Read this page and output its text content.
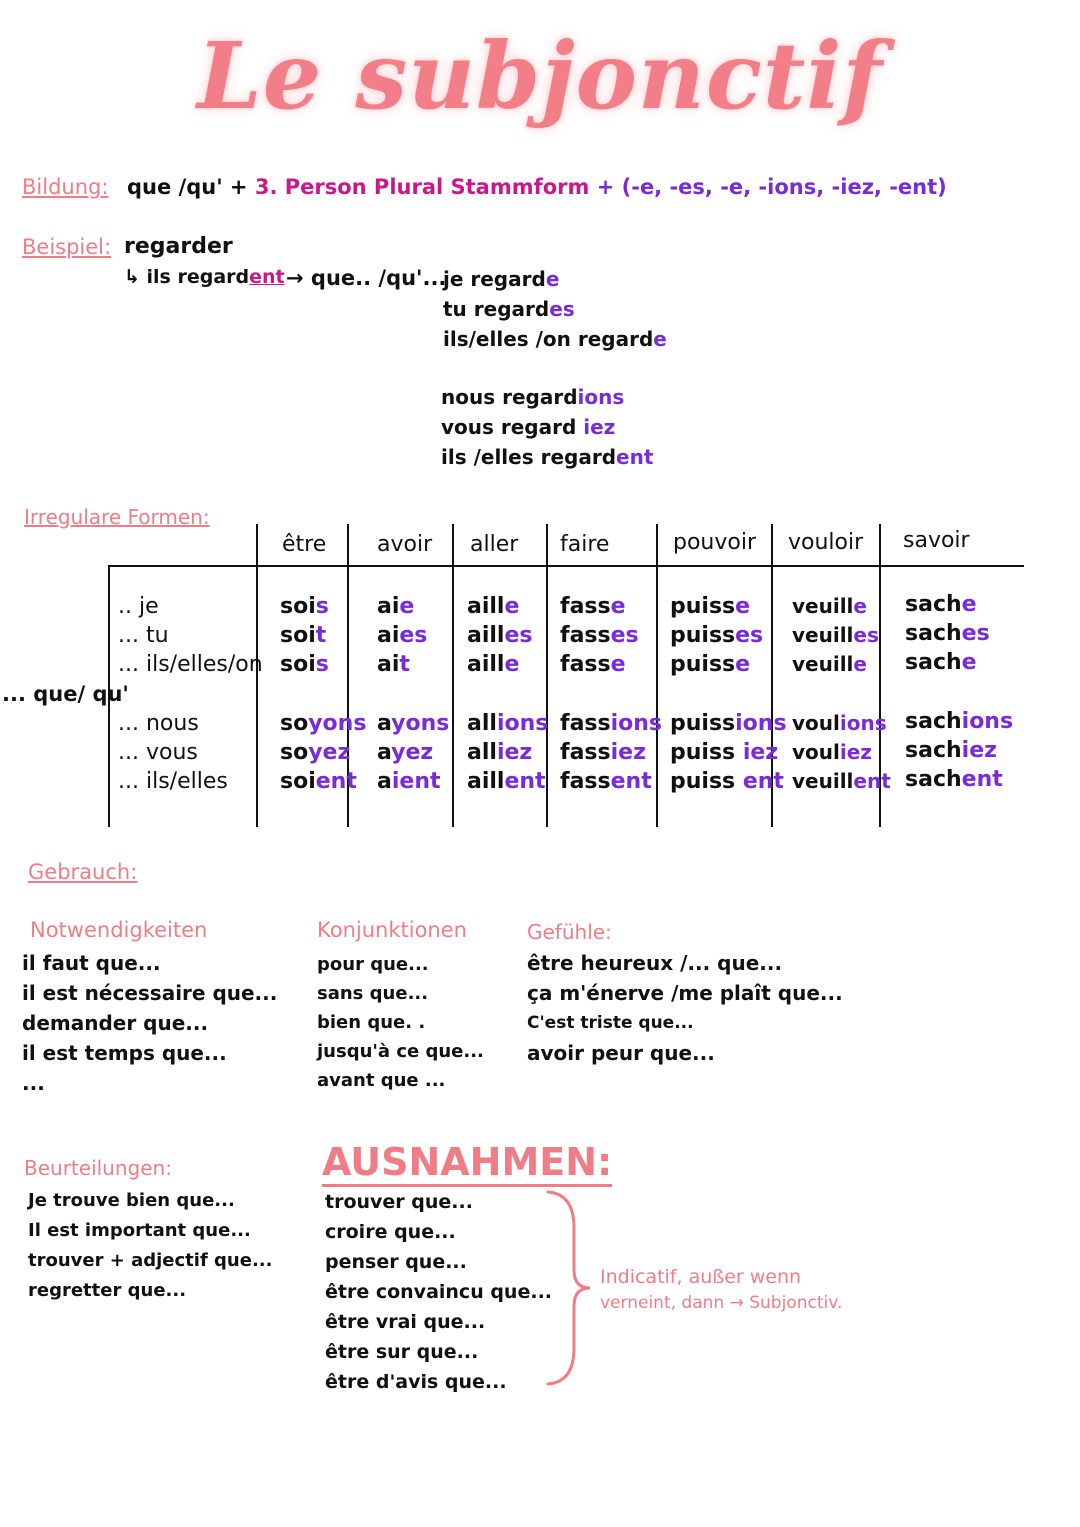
Le subjonctif
Bildung: que /qu' + 3. Person Plural Stammform + (-e, -es, -e, -ions, -iez, -ent)
Beispiel: regarder
↳ ils regardent → que.. /qu'...
je regarde
tu regardes
ils/elles /on regarde
nous regardions
vous regard iez
ils /elles regardent
Irregulare Formen:
être avoir aller faire	pouvoir vouloir savoir
... que/ qu'
.. je
... tu
... ils/elles/on
... nous
... vous
... ils/elles
sois
soit
sois
soyons
soyez
soient
aie
aies
ait
ayons
ayez
aient
aille
ailles
aille
allions
alliez
aillent
fasse
fasses
fasse
fassions
fassiez
fassent
puisse
puisses
puisse
puissions
puiss iez
puiss ent
veuille
veuilles
veuille
voulions
vouliez
veuillent
sache
saches
sache
sachions
sachiez
sachent
Gebrauch:
Notwendigkeiten
il faut que...
il est nécessaire que...
demander que...
il est temps que...
...
Konjunktionen
pour que...
sans que...
bien que. .
jusqu'à ce que...
avant que ...
Gefühle:
être heureux /... que...
ça m'énerve /me plaît que...
C'est triste que...
avoir peur que...
Beurteilungen:
Je trouve bien que...
Il est important que...
trouver + adjectif que...
regretter que...
AUSNAHMEN:
trouver que...
croire que...
penser que...
être convaincu que...
être vrai que...
être sur que...
être d'avis que...
Indicatif, außer wenn
verneint, dann → Subjonctiv.
